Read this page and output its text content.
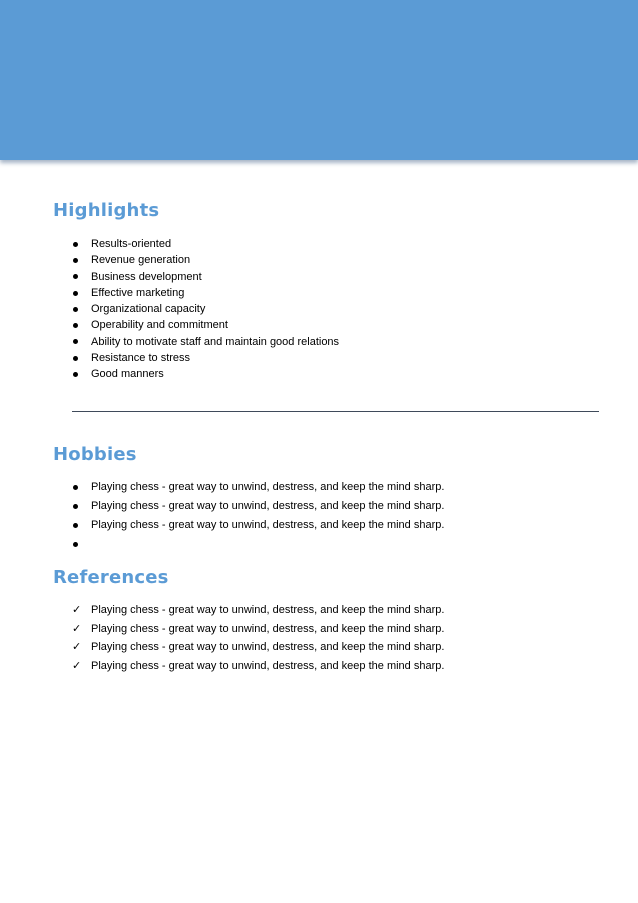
Highlights
Results-oriented
Revenue generation
Business development
Effective marketing
Organizational capacity
Operability and commitment
Ability to motivate staff and maintain good relations
Resistance to stress
Good manners
Hobbies
Playing chess - great way to unwind, destress, and keep the mind sharp.
Playing chess - great way to unwind, destress, and keep the mind sharp.
Playing chess - great way to unwind, destress, and keep the mind sharp.
References
✓ Playing chess - great way to unwind, destress, and keep the mind sharp.
✓ Playing chess - great way to unwind, destress, and keep the mind sharp.
✓ Playing chess - great way to unwind, destress, and keep the mind sharp.
✓ Playing chess - great way to unwind, destress, and keep the mind sharp.
